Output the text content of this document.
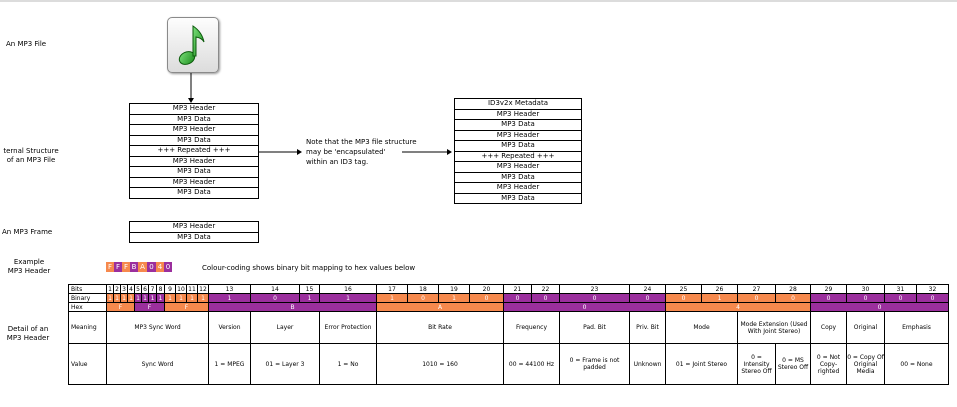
An MP3 File
ternal Structure
of an MP3 File
An MP3 Frame
Example
MP3 Header
Detail of an
MP3 Header
MP3 Header
MP3 Data
MP3 Header
MP3 Data
+++ Repeated +++
MP3 Header
MP3 Data
MP3 Header
MP3 Data
Note that the MP3 file structure
may be 'encapsulated'
within an ID3 tag.
ID3v2x Metadata
MP3 Header
MP3 Data
MP3 Header
MP3 Data
+++ Repeated +++
MP3 Header
MP3 Data
MP3 Header
MP3 Data
MP3 Header
MP3 Data
F F F B A 0 4 0	Colour-coding shows binary bit mapping to hex values below
Bits	1	2	3	4	5	6	7	8	9	10	11	12	13	14	15	16	17	18	19	20	21	22	23	24	25	26	27	28	29	30	31	32
Binary	1	1	1	1	1	1	1	1	1	1	1	1	1	0	1	1	1	0	1	0	0	0	0	0	0	1	0	0	0	0	0	0
Hex	F				F				F				B				A				0				4				0			
Meaning	MP3 Sync Word												Version	Layer		Error Protection	Bit Rate				Frequency		Pad. Bit	Priv. Bit	Mode		Mode Extension (Used With Joint Stereo)		Copy	Original	Emphasis	
Value	Sync Word												1 = MPEG	01 = Layer 3		1 = No	1010 = 160				00 = 44100 Hz		0 = Frame is not padded	Unknown	01 = Joint Stereo		0 = Intensity Stereo Off	0 = MS Stereo Off	0 = Not Copy-righted	0 = Copy Of Original Media	00 = None	
